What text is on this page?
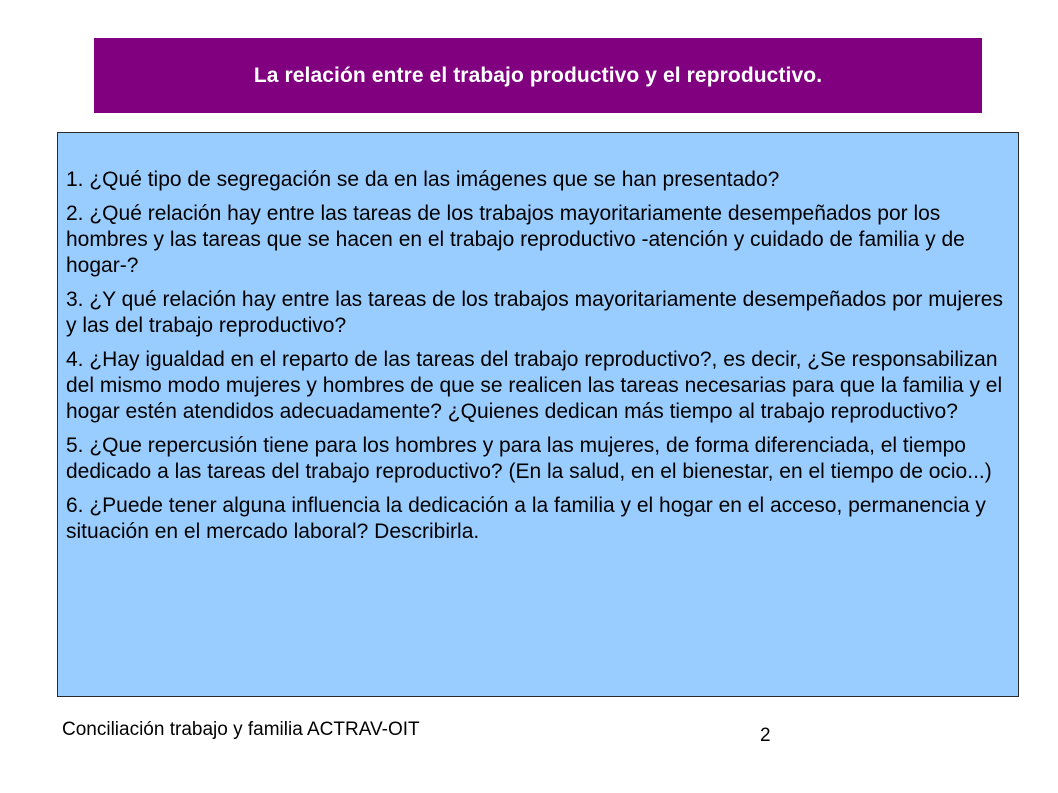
La relación entre el trabajo productivo y el reproductivo.

1. ¿Qué tipo de segregación se da en las imágenes que se han presentado?

2. ¿Qué relación hay entre las tareas de los trabajos mayoritariamente desempeñados por los hombres y las tareas que se hacen en el trabajo reproductivo -atención y cuidado de familia y de hogar-?

3. ¿Y qué relación hay entre las tareas de los trabajos mayoritariamente desempeñados por mujeres y las del trabajo reproductivo?

4. ¿Hay igualdad en el reparto de las tareas del trabajo reproductivo?, es decir, ¿Se responsabilizan del mismo modo mujeres y hombres de que se realicen las tareas necesarias para que la familia y el hogar estén atendidos adecuadamente? ¿Quienes dedican más tiempo al trabajo reproductivo?

5. ¿Que repercusión tiene para los hombres y para las mujeres, de forma diferenciada, el tiempo dedicado a las tareas del trabajo reproductivo? (En la salud, en el bienestar, en el tiempo de ocio...)

6. ¿Puede tener alguna influencia la dedicación a la familia y el hogar en el acceso, permanencia y situación en el mercado laboral? Describirla.

Conciliación trabajo y familia ACTRAV-OIT	2
